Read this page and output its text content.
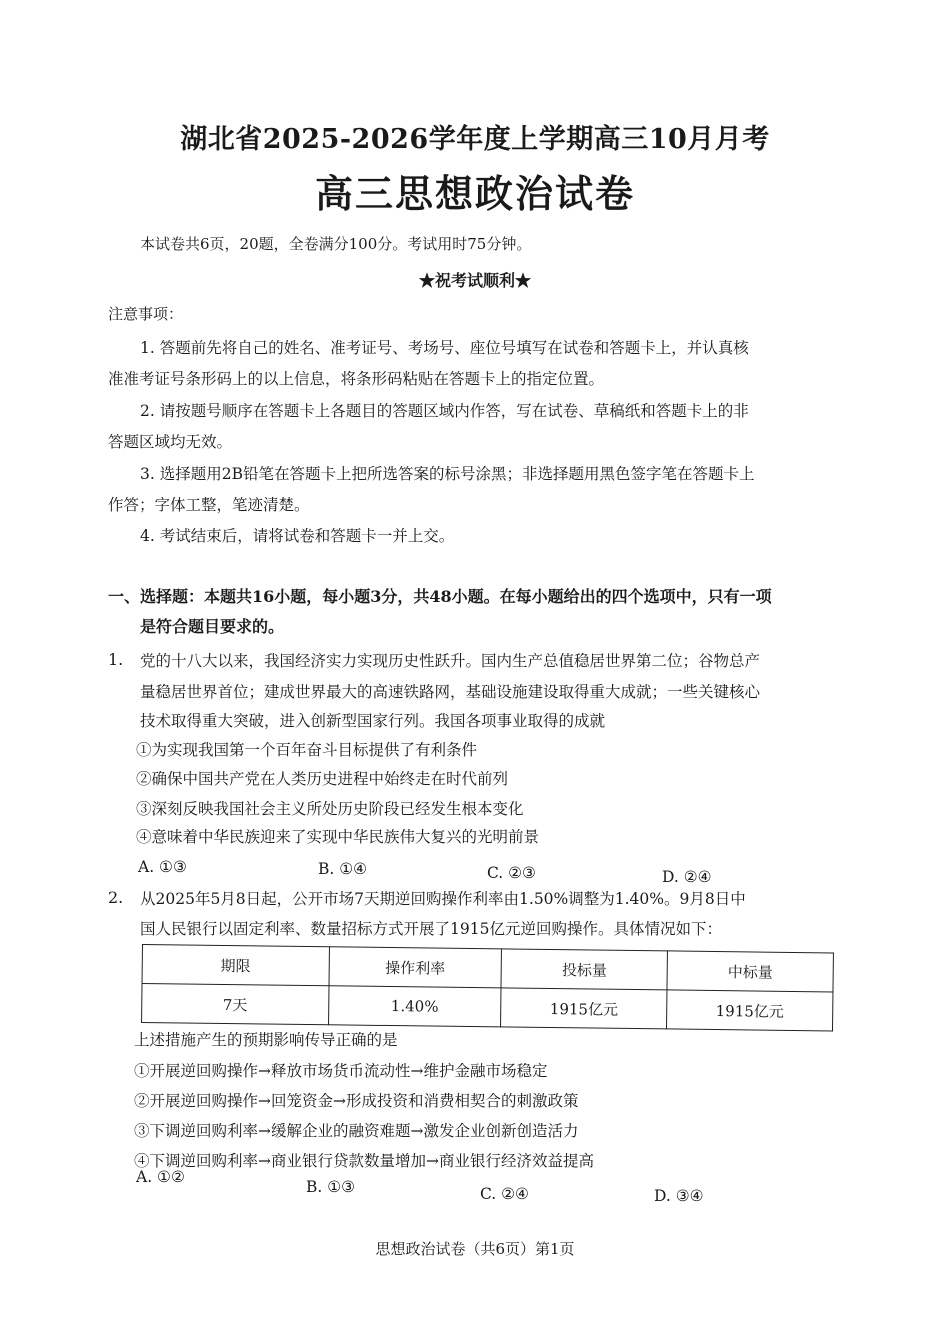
湖北省2025-2026学年度上学期高三10月月考
高三思想政治试卷
本试卷共6页，20题，全卷满分100分。考试用时75分钟。
★祝考试顺利★
注意事项：
1. 答题前先将自己的姓名、准考证号、考场号、座位号填写在试卷和答题卡上，并认真核
准准考证号条形码上的以上信息，将条形码粘贴在答题卡上的指定位置。
2. 请按题号顺序在答题卡上各题目的答题区域内作答，写在试卷、草稿纸和答题卡上的非
答题区域均无效。
3. 选择题用2B铅笔在答题卡上把所选答案的标号涂黑；非选择题用黑色签字笔在答题卡上
作答；字体工整，笔迹清楚。
4. 考试结束后，请将试卷和答题卡一并上交。
一、选择题：本题共16小题，每小题3分，共48小题。在每小题给出的四个选项中，只有一项
是符合题目要求的。
1. 党的十八大以来，我国经济实力实现历史性跃升。国内生产总值稳居世界第二位；谷物总产
量稳居世界首位；建成世界最大的高速铁路网，基础设施建设取得重大成就；一些关键核心
技术取得重大突破，进入创新型国家行列。我国各项事业取得的成就
①为实现我国第一个百年奋斗目标提供了有利条件
②确保中国共产党在人类历史进程中始终走在时代前列
③深刻反映我国社会主义所处历史阶段已经发生根本变化
④意味着中华民族迎来了实现中华民族伟大复兴的光明前景
A. ①③	B. ①④	C. ②③	D. ②④
2. 从2025年5月8日起，公开市场7天期逆回购操作利率由1.50%调整为1.40%。9月8日中
国人民银行以固定利率、数量招标方式开展了1915亿元逆回购操作。具体情况如下：
期限	操作利率	投标量	中标量
7天	1.40%	1915亿元	1915亿元
上述措施产生的预期影响传导正确的是
①开展逆回购操作→释放市场货币流动性→维护金融市场稳定
②开展逆回购操作→回笼资金→形成投资和消费相契合的刺激政策
③下调逆回购利率→缓解企业的融资难题→激发企业创新创造活力
④下调逆回购利率→商业银行贷款数量增加→商业银行经济效益提高
A. ①②
B. ①③	C. ②④	D. ③④
思想政治试卷（共6页）第1页
